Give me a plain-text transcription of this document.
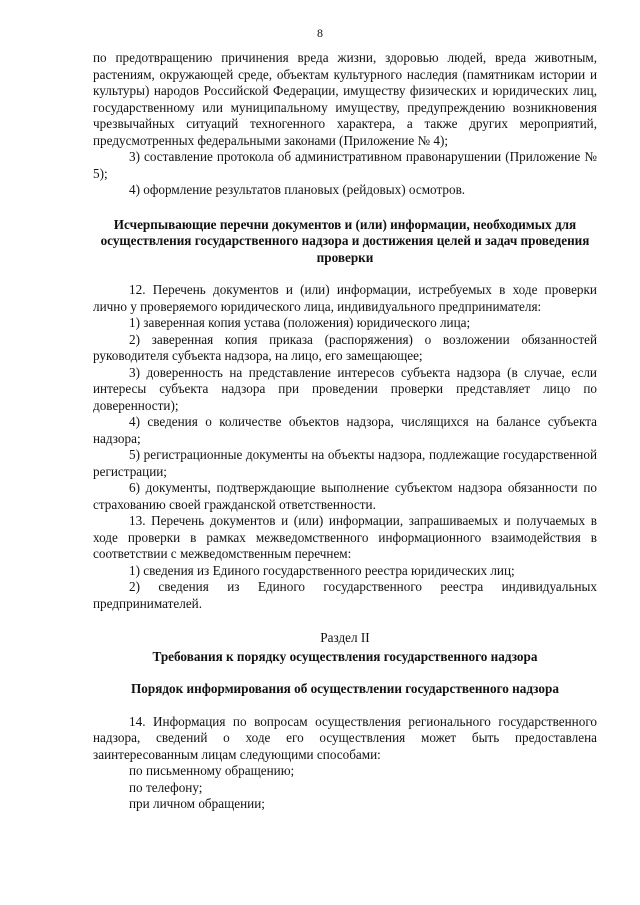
8

по предотвращению причинения вреда жизни, здоровью людей, вреда животным, растениям, окружающей среде, объектам культурного наследия (памятникам истории и культуры) народов Российской Федерации, имуществу физических и юридических лиц, государственному или муниципальному имуществу, предупреждению возникновения чрезвычайных ситуаций техногенного характера, а также других мероприятий, предусмотренных федеральными законами (Приложение № 4);

3) составление протокола об административном правонарушении (Приложение № 5);

4) оформление результатов плановых (рейдовых) осмотров.

Исчерпывающие перечни документов и (или) информации, необходимых для осуществления государственного надзора и достижения целей и задач проведения проверки

12. Перечень документов и (или) информации, истребуемых в ходе проверки лично у проверяемого юридического лица, индивидуального предпринимателя:

1) заверенная копия устава (положения) юридического лица;

2) заверенная копия приказа (распоряжения) о возложении обязанностей руководителя субъекта надзора, на лицо, его замещающее;

3) доверенность на представление интересов субъекта надзора (в случае, если интересы субъекта надзора при проведении проверки представляет лицо по доверенности);

4) сведения о количестве объектов надзора, числящихся на балансе субъекта надзора;

5) регистрационные документы на объекты надзора, подлежащие государственной регистрации;

6) документы, подтверждающие выполнение субъектом надзора обязанности по страхованию своей гражданской ответственности.

13. Перечень документов и (или) информации, запрашиваемых и получаемых в ходе проверки в рамках межведомственного информационного взаимодействия в соответствии с межведомственным перечнем:

1) сведения из Единого государственного реестра юридических лиц;

2) сведения из Единого государственного реестра индивидуальных предпринимателей.

Раздел II
Требования к порядку осуществления государственного надзора
Порядок информирования об осуществлении государственного надзора

14. Информация по вопросам осуществления регионального государственного надзора, сведений о ходе его осуществления может быть предоставлена заинтересованным лицам следующими способами:

по письменному обращению;

по телефону;

при личном обращении;
